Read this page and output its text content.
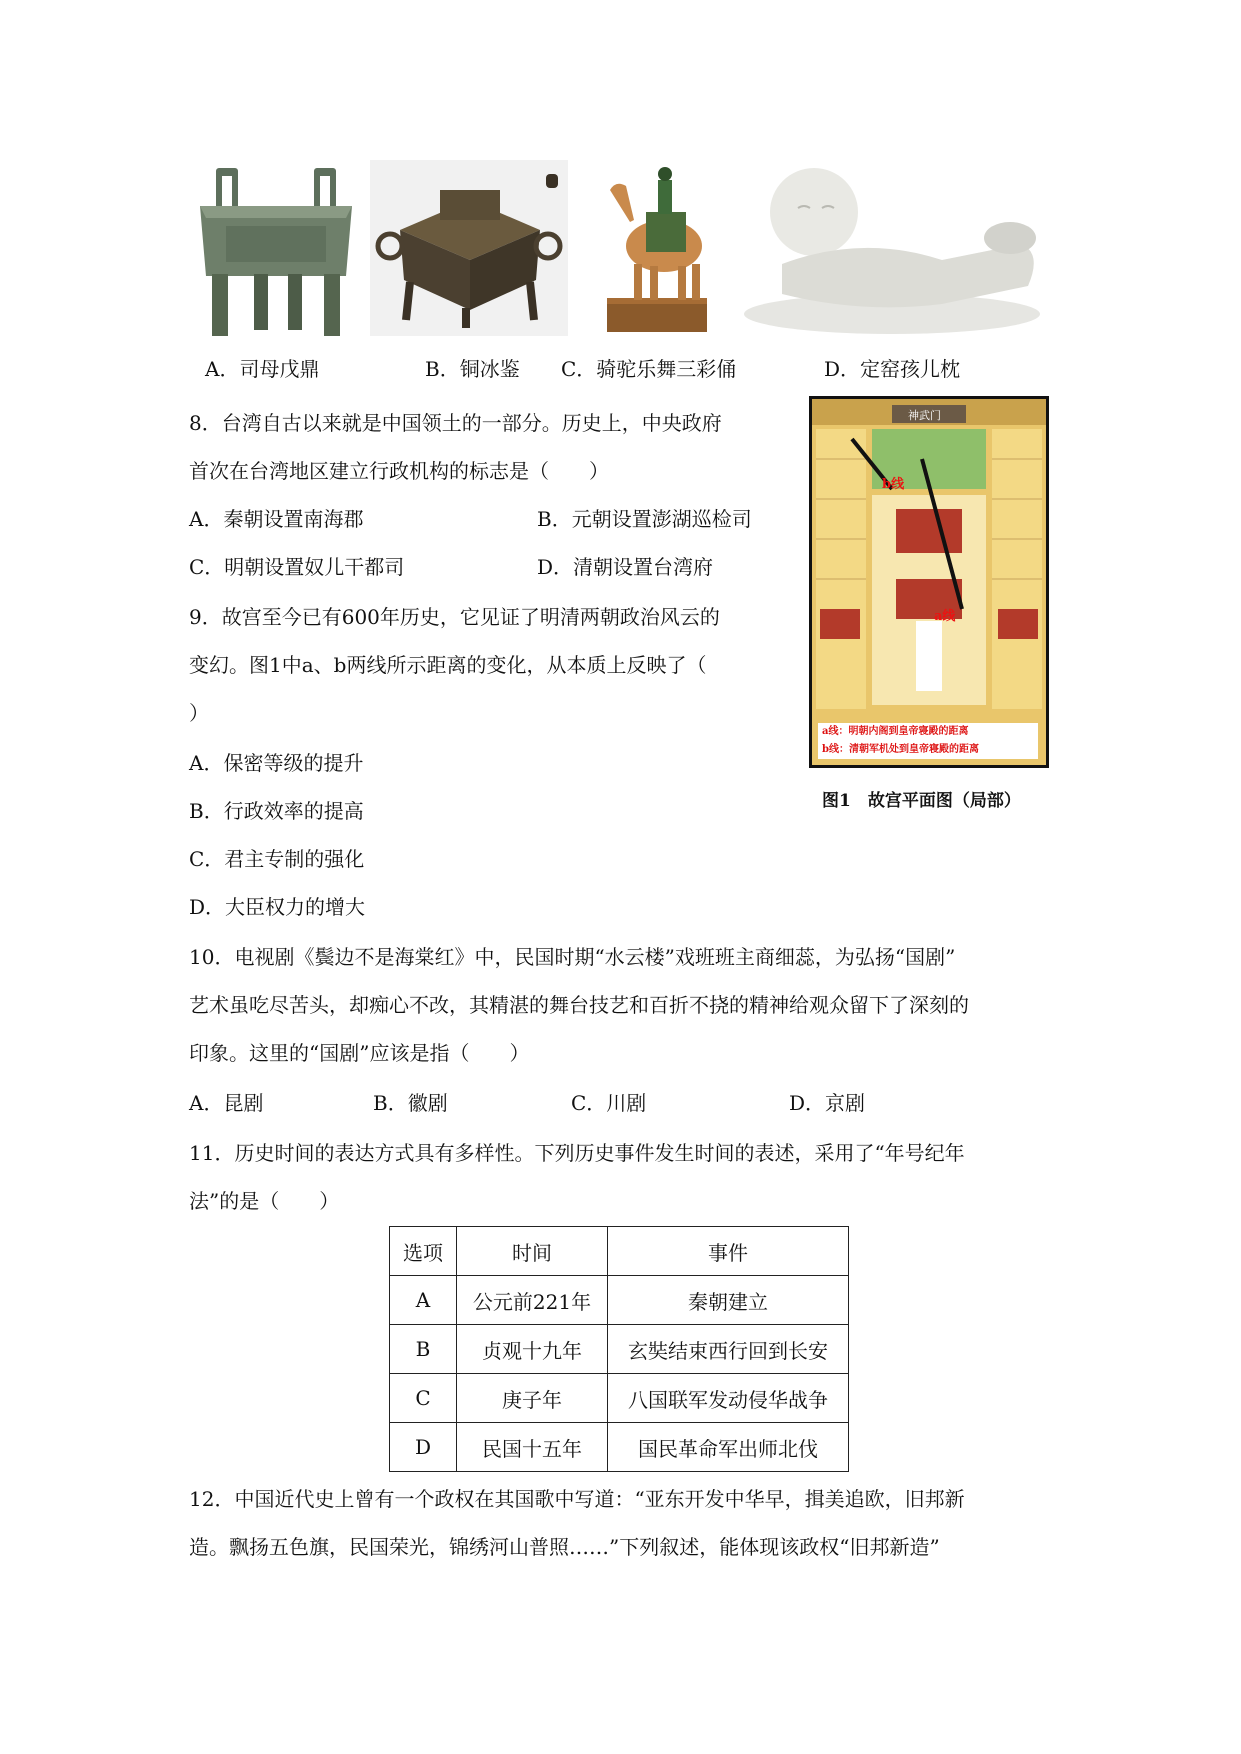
A．司母戊鼎	B．铜冰鉴 C．骑驼乐舞三彩俑	D．定窑孩儿枕
8．台湾自古以来就是中国领土的一部分。历史上，中央政府
首次在台湾地区建立行政机构的标志是（　　）
A．秦朝设置南海郡	B．元朝设置澎湖巡检司
C．明朝设置奴儿干都司	D．清朝设置台湾府
9．故宫至今已有600年历史，它见证了明清两朝政治风云的
变幻。图1中a、b两线所示距离的变化，从本质上反映了（
）
A．保密等级的提升
B．行政效率的提高
C．君主专制的强化
D．大臣权力的增大
神武门
b线
a线
a线：明朝内阁到皇帝寝殿的距离
b线：清朝军机处到皇帝寝殿的距离
图1　故宫平面图（局部）
10．电视剧《鬓边不是海棠红》中，民国时期“水云楼”戏班班主商细蕊，为弘扬“国剧”
艺术虽吃尽苦头，却痴心不改，其精湛的舞台技艺和百折不挠的精神给观众留下了深刻的
印象。这里的“国剧”应该是指（　　）
A．昆剧	B．徽剧	C．川剧	D．京剧
11．历史时间的表达方式具有多样性。下列历史事件发生时间的表述，采用了“年号纪年
法”的是（　　）
选项	时间	事件
A	公元前221年	秦朝建立
B	贞观十九年	玄奘结束西行回到长安
C	庚子年	八国联军发动侵华战争
D	民国十五年	国民革命军出师北伐
12．中国近代史上曾有一个政权在其国歌中写道：“亚东开发中华早，揖美追欧，旧邦新
造。飘扬五色旗，民国荣光，锦绣河山普照……”下列叙述，能体现该政权“旧邦新造”
